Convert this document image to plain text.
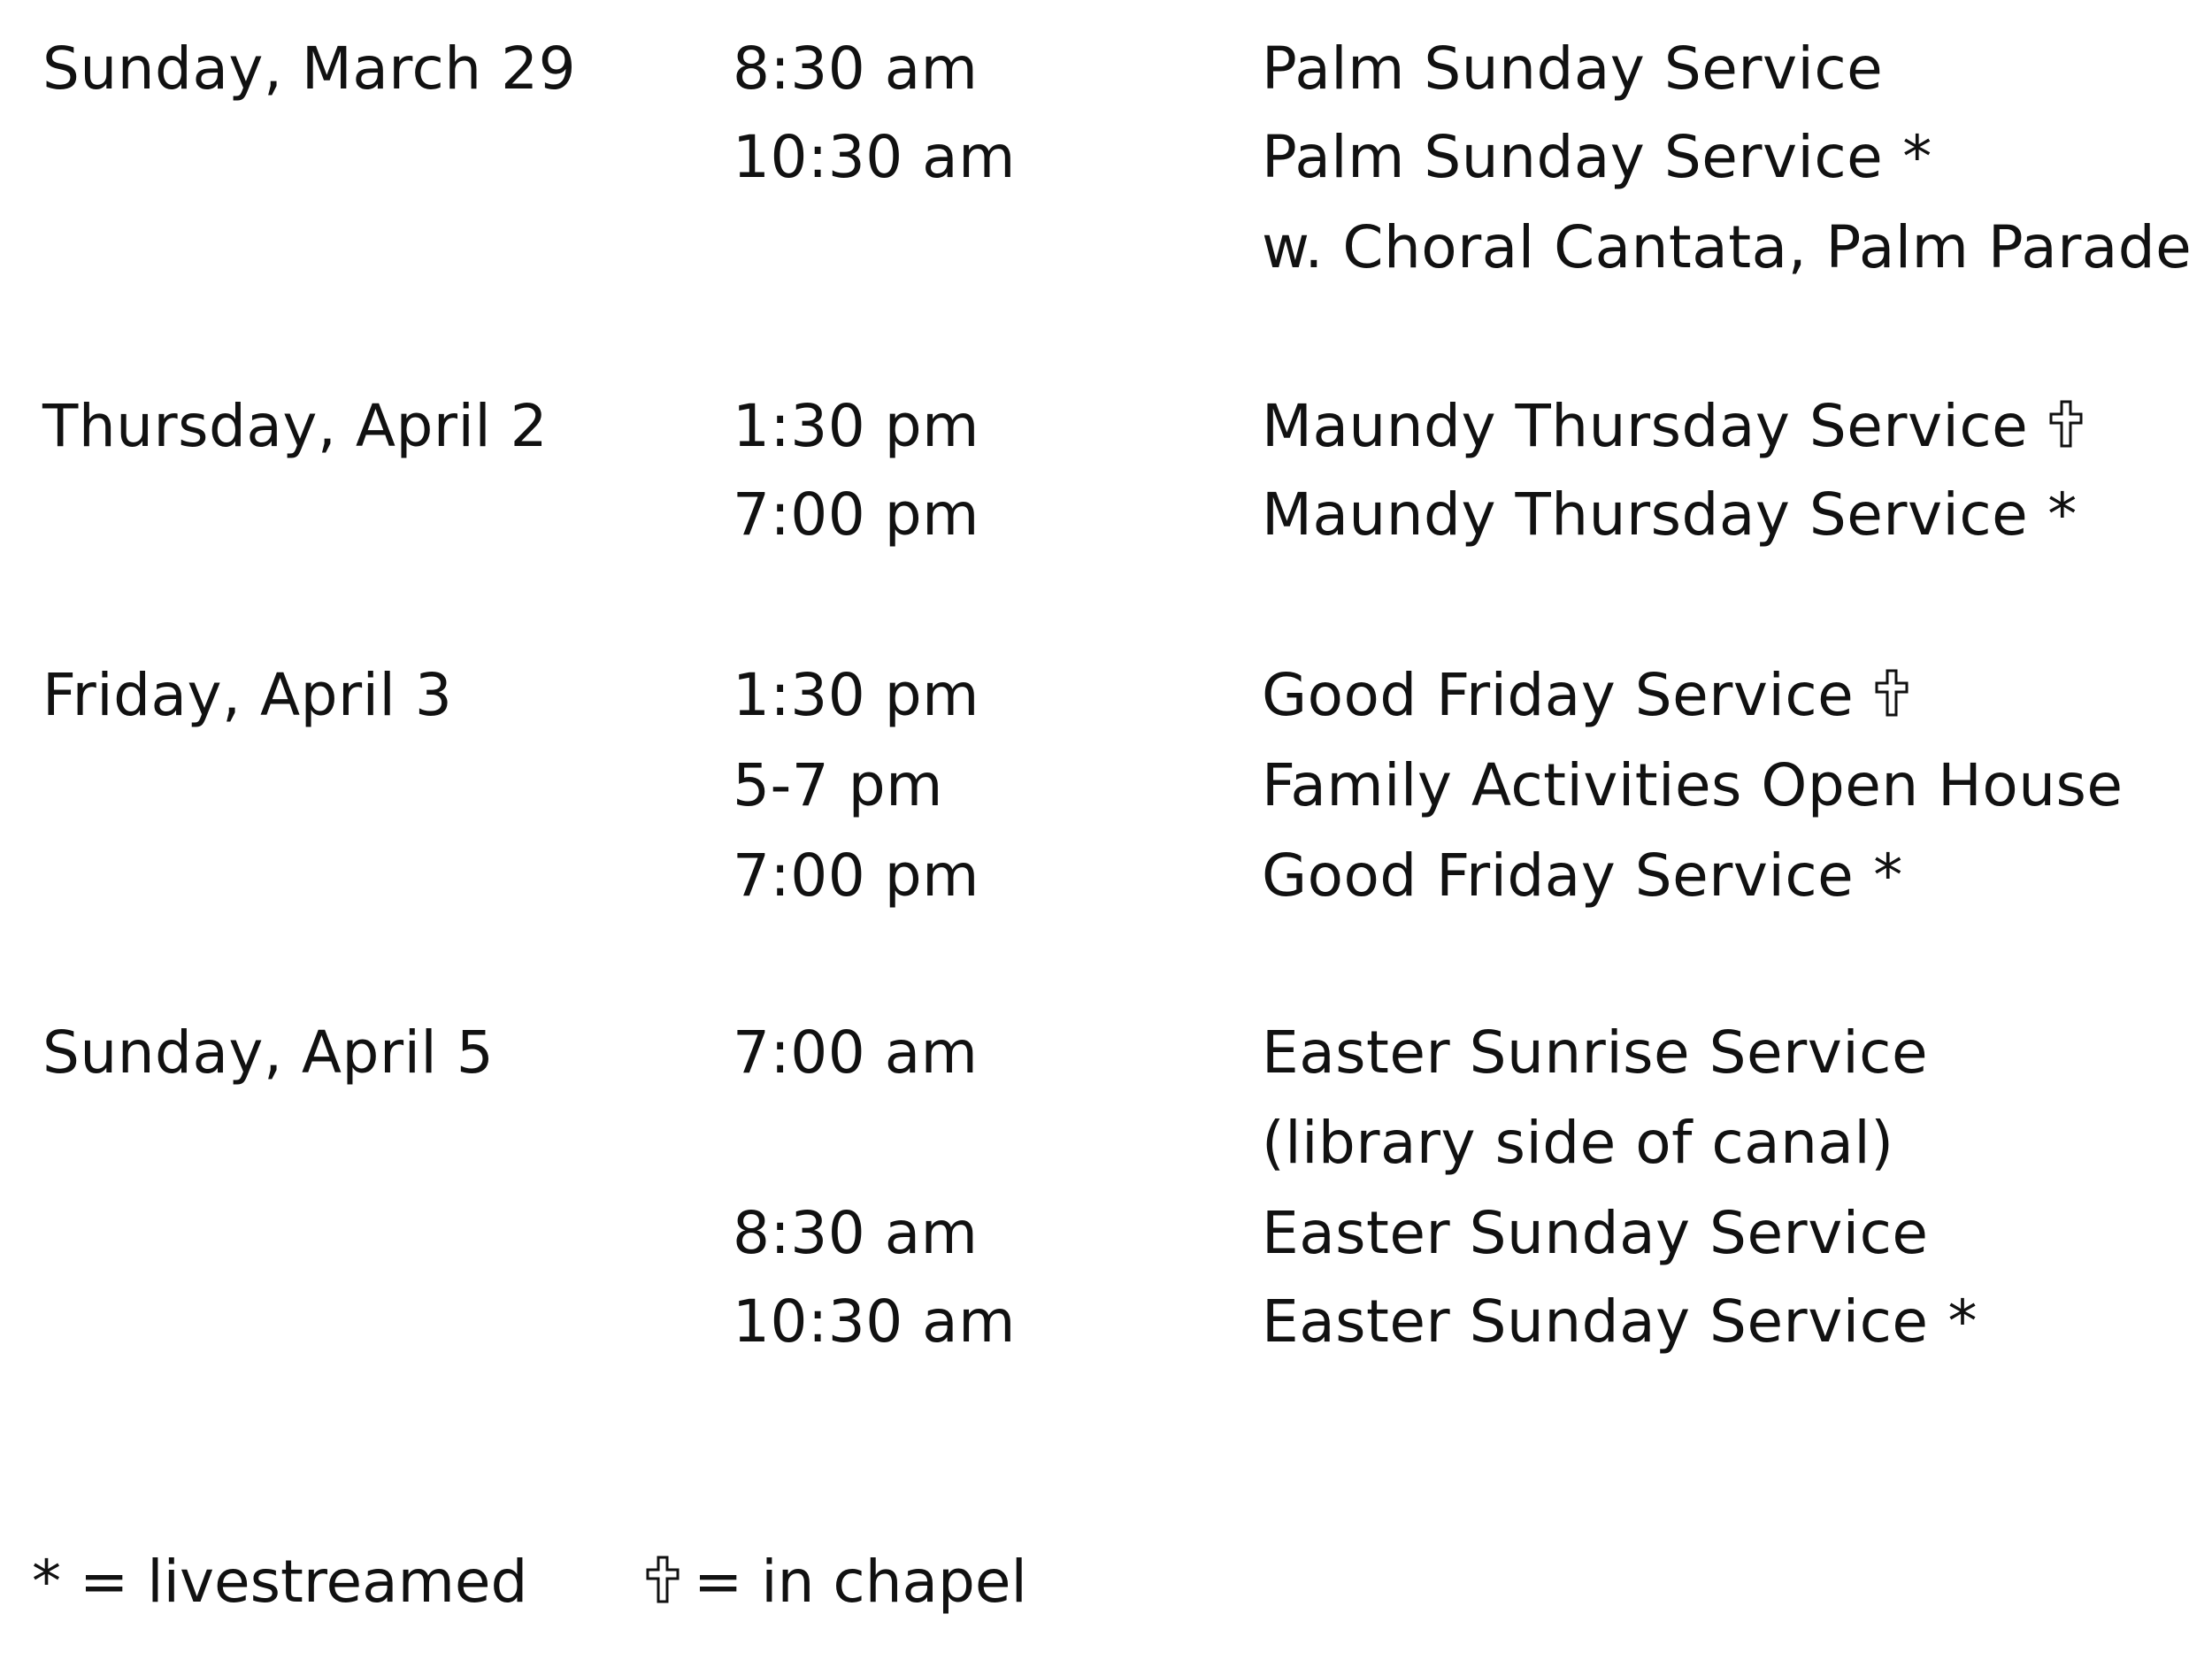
Sunday, March 29	8:30 am	Palm Sunday Service
10:30 am	Palm Sunday Service *
w. Choral Cantata, Palm Parade
Thursday, April 2	1:30 pm	Maundy Thursday Service
7:00 pm	Maundy Thursday Service *
Friday, April 3	1:30 pm	Good Friday Service
5-7 pm	Family Activities Open House
7:00 pm	Good Friday Service *
Sunday, April 5	7:00 am	Easter Sunrise Service
(library side of canal)
8:30 am	Easter Sunday Service
10:30 am	Easter Sunday Service *
* = livestreamed	= in chapel
